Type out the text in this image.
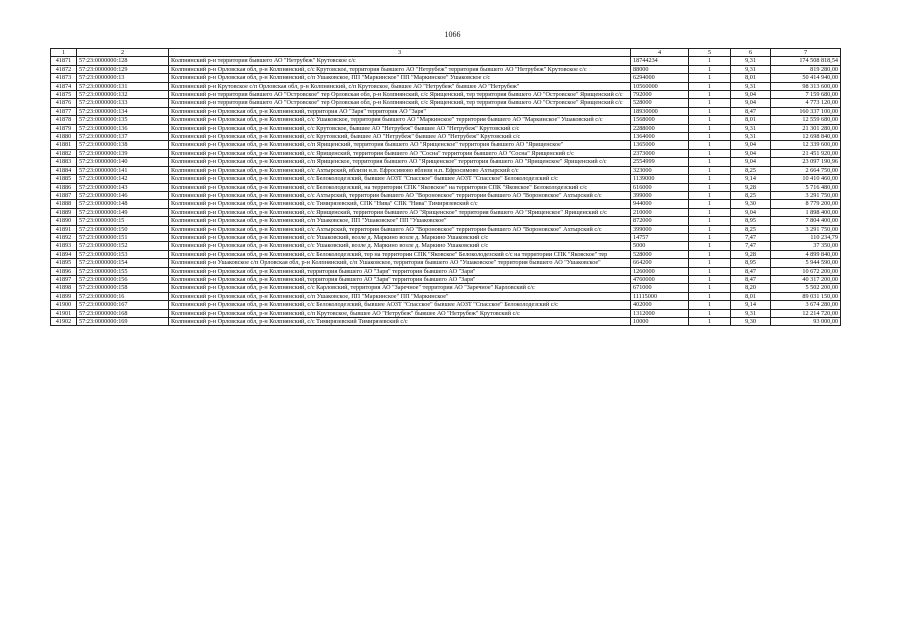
1066
1	2	3	4	5	6	7
41871	57:23:0000000:128	Колпнянский р-н территория бывшего АО "Нетрубеж" Крутовское с/с	18744234	1	9,31	174 508 818,54
41872	57:23:0000000:129	Колпнянский р-н Орловская обл, р-н Колпнянский, с/с Крутовское, территория бывшего АО "Нетрубеж" территория бывшего АО "Нетрубеж" Крутовское с/с	88000	1	9,31	819 280,00
41873	57:23:0000000:13	Колпнянский р-н Орловская обл, р-н Колпнянский, с/п Ушаковское, ПП "Маркинское" ПП "Маркинское" Ушаковское с/с	6294000	1	8,01	50 414 940,00
41874	57:23:0000000:131	Колпнянский р-н Крутовское с/п Орловская обл, р-н Колпнянский, с/п Крутовское, бывшее АО "Нетрубеж" бывшее АО "Нетрубеж"	10560000	1	9,31	98 313 600,00
41875	57:23:0000000:132	Колпнянский р-н территория бывшего АО "Островское" тер Орловская обл, р-н Колпнянский, с/с Ярищенский, тер территория бывшего АО "Островское" Ярищенский с/с	792000	1	9,04	7 159 680,00
41876	57:23:0000000:133	Колпнянский р-н территория бывшего АО "Островское" тер Орловская обл, р-н Колпнянский, с/с Ярищенский, тер территория бывшего АО "Островское" Ярищенский с/с	528000	1	9,04	4 773 120,00
41877	57:23:0000000:134	Колпнянский р-н Орловская обл, р-н Колпнянский, территория АО "Заря" территория АО "Заря"	18930000	1	8,47	160 337 100,00
41878	57:23:0000000:135	Колпнянский р-н Орловская обл, р-н Колпнянский, с/с Ушаковское, территория бывшего АО "Маркинское" территория бывшего АО "Маркинское" Ушаковский с/с	1568000	1	8,01	12 559 680,00
41879	57:23:0000000:136	Колпнянский р-н Орловская обл, р-н Колпнянский, с/с Крутовское, бывшее АО "Нетрубеж" бывшее АО "Нетрубеж" Крутовский с/с	2288000	1	9,31	21 301 280,00
41880	57:23:0000000:137	Колпнянский р-н Орловская обл, р-н Колпнянский, с/с Крутовский, бывшее АО "Нетрубеж" бывшее АО "Нетрубеж" Крутовский с/с	1364000	1	9,31	12 698 840,00
41881	57:23:0000000:138	Колпнянский р-н Орловская обл, р-н Колпнянский, с/п Ярищенский, территория бывшего АО "Ярищенское" территория бывшего АО "Ярищенское"	1365000	1	9,04	12 339 600,00
41882	57:23:0000000:139	Колпнянский р-н Орловская обл, р-н Колпнянский, с/с Ярищенский, территория бывшего АО "Сосна" территория бывшего АО "Сосна" Ярищенский с/с	2373000	1	9,04	21 451 920,00
41883	57:23:0000000:140	Колпнянский р-н Орловская обл, р-н Колпнянский, с/п Ярищенское, территория бывшего АО "Ярищенское" территория бывшего АО "Ярищенское" Ярищенский с/с	2554999	1	9,04	23 097 190,96
41884	57:23:0000000:141	Колпнянский р-н Орловская обл, р-н Колпнянский, с/с Ахтырский, вблизи н.п. Ефросимово вблизи н.п. Ефросимово Ахтырский с/с	323000	1	8,25	2 664 750,00
41885	57:23:0000000:142	Колпнянский р-н Орловская обл, р-н Колпнянский, с/с Белоколодезский, бывшее АОЗТ "Спасское" бывшее АОЗТ "Спасское" Белоколодезский с/с	1139000	1	9,14	10 410 460,00
41886	57:23:0000000:143	Колпнянский р-н Орловская обл, р-н Колпнянский, с/с Белоколодезский, на территории СПК "Яковское" на территории СПК "Яковское" Белоколодезский с/с	616000	1	9,28	5 716 480,00
41887	57:23:0000000:146	Колпнянский р-н Орловская обл, р-н Колпнянский, с/с Ахтырский, территория бывшего АО "Вороновское" территория бывшего АО "Вороновское" Ахтырский с/с	399000	1	8,25	3 291 750,00
41888	57:23:0000000:148	Колпнянский р-н Орловская обл, р-н Колпнянский, с/с Тимирязевский, СПК "Нива" СПК "Нива" Тимирязевский с/с	944000	1	9,30	8 779 200,00
41889	57:23:0000000:149	Колпнянский р-н Орловская обл, р-н Колпнянский, с/с Ярищенский, территория бывшего АО "Ярищенское" территория бывшего АО "Ярищенское" Ярищенский с/с	210000	1	9,04	1 898 400,00
41890	57:23:0000000:15	Колпнянский р-н Орловская обл, р-н Колпнянский, с/п Ушаковское, ПП "Ушаковское" ПП "Ушаковское"	872000	1	8,95	7 804 400,00
41891	57:23:0000000:150	Колпнянский р-н Орловская обл, р-н Колпнянский, с/с Ахтырский, территория бывшего АО "Вороновское" территория бывшего АО "Вороновское" Ахтырский с/с	399000	1	8,25	3 291 750,00
41892	57:23:0000000:151	Колпнянский р-н Орловская обл, р-н Колпнянский, с/с Ушаковский, возле д. Маркино возле д. Маркино Ушаковский с/с	14757	1	7,47	110 234,79
41893	57:23:0000000:152	Колпнянский р-н Орловская обл, р-н Колпнянский, с/с Ушаковский, возле д. Маркино возле д. Маркино Ушаковский с/с	5000	1	7,47	37 350,00
41894	57:23:0000000:153	Колпнянский р-н Орловская обл, р-н Колпнянский, с/с Белоколодезский, тер на территории СПК "Яковское" Белоколодезский с/с на территории СПК "Яковское" тер	528000	1	9,28	4 899 840,00
41895	57:23:0000000:154	Колпнянский р-н Ушаковское с/п Орловская обл, р-н Колпнянский, с/п Ушаковское, территория бывшего АО "Ушаковское" территория бывшего АО "Ушаковское"	664200	1	8,95	5 944 590,00
41896	57:23:0000000:155	Колпнянский р-н Орловская обл, р-н Колпнянский, территория бывшего АО "Заря" территория бывшего АО "Заря"	1260000	1	8,47	10 672 200,00
41897	57:23:0000000:156	Колпнянский р-н Орловская обл, р-н Колпнянский, территория бывшего АО "Заря" территория бывшего АО "Заря"	4760000	1	8,47	40 317 200,00
41898	57:23:0000000:158	Колпнянский р-н Орловская обл, р-н Колпнянский, с/с Карловский, территория АО "Заречное" территория АО "Заречное" Карловский с/с	671000	1	8,20	5 502 200,00
41899	57:23:0000000:16	Колпнянский р-н Орловская обл, р-н Колпнянский, с/п Ушаковское, ПП "Маркинское" ПП "Маркинское"	11115000	1	8,01	89 031 150,00
41900	57:23:0000000:167	Колпнянский р-н Орловская обл, р-н Колпнянский, с/с Белоколодезский, бывшее АОЗТ "Спасское" бывшее АОЗТ "Спасское" Белоколодезский с/с	402000	1	9,14	3 674 280,00
41901	57:23:0000000:168	Колпнянский р-н Орловская обл, р-н Колпнянский, с/п Крутовское, бывшее АО "Нетрубеж" бывшее АО "Нетрубеж" Крутовский с/с	1312000	1	9,31	12 214 720,00
41902	57:23:0000000:169	Колпнянский р-н Орловская обл, р-н Колпнянский, с/с Тимирязевский Тимирязевский с/с	10000	1	9,30	93 000,00
